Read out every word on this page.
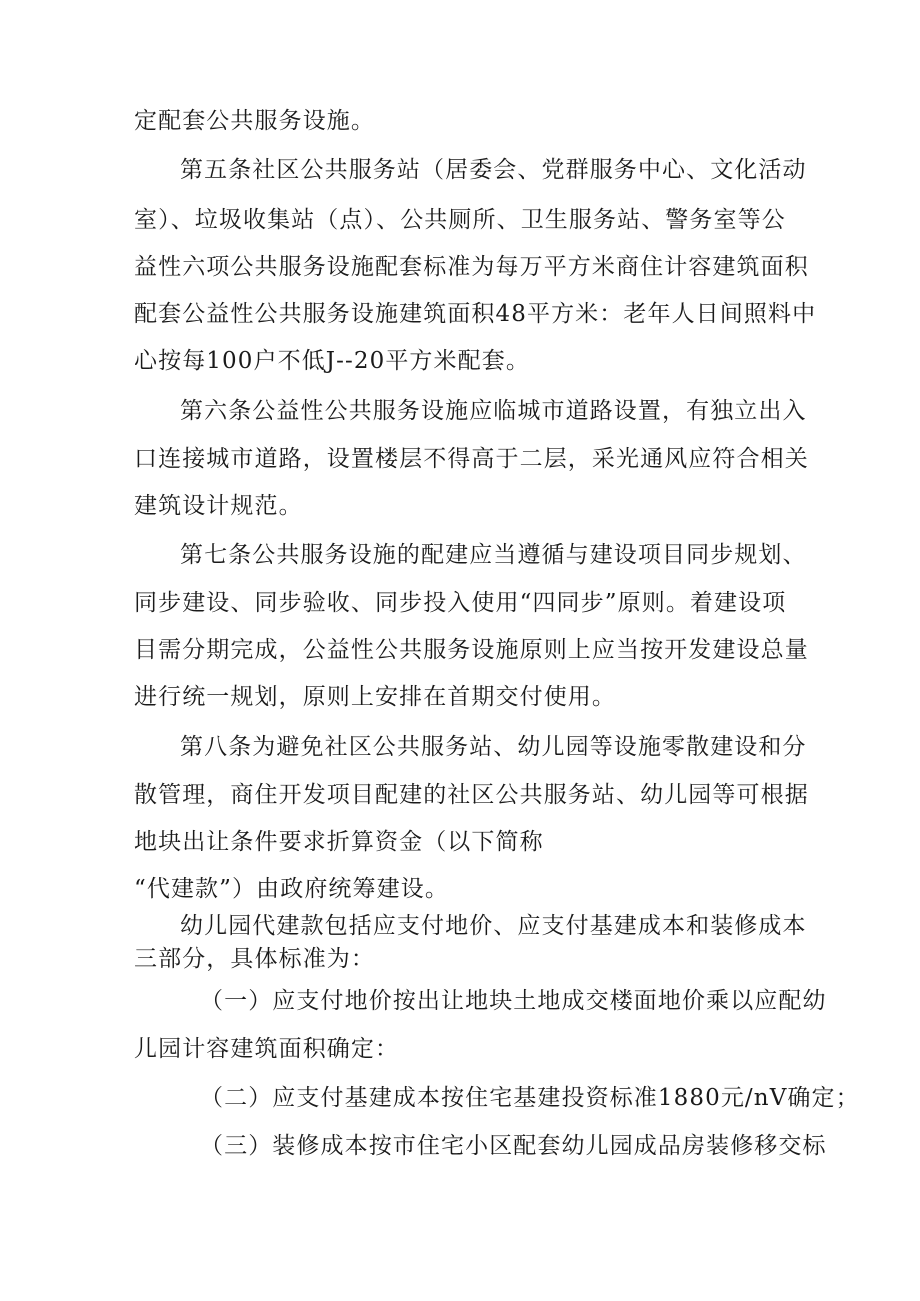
定配套公共服务设施。
第五条社区公共服务站（居委会、党群服务中心、文化活动
室）、垃圾收集站（点）、公共厕所、卫生服务站、警务室等公
益性六项公共服务设施配套标准为每万平方米商住计容建筑面积
配套公益性公共服务设施建筑面积48平方米：老年人日间照料中
心按每100户不低J--20平方米配套。
第六条公益性公共服务设施应临城市道路设置，有独立出入
口连接城市道路，设置楼层不得高于二层，采光通风应符合相关
建筑设计规范。
第七条公共服务设施的配建应当遵循与建设项目同步规划、
同步建设、同步验收、同步投入使用“四同步”原则。着建设项
目需分期完成，公益性公共服务设施原则上应当按开发建设总量
进行统一规划，原则上安排在首期交付使用。
第八条为避免社区公共服务站、幼儿园等设施零散建设和分
散管理，商住开发项目配建的社区公共服务站、幼儿园等可根据
地块出让条件要求折算资金（以下简称
“代建款”）由政府统筹建设。
幼儿园代建款包括应支付地价、应支付基建成本和装修成本
三部分，具体标准为：
（一）应支付地价按出让地块土地成交楼面地价乘以应配幼
儿园计容建筑面积确定：
（二）应支付基建成本按住宅基建投资标准1880元/nV确定；
（三）装修成本按市住宅小区配套幼儿园成品房装修移交标
